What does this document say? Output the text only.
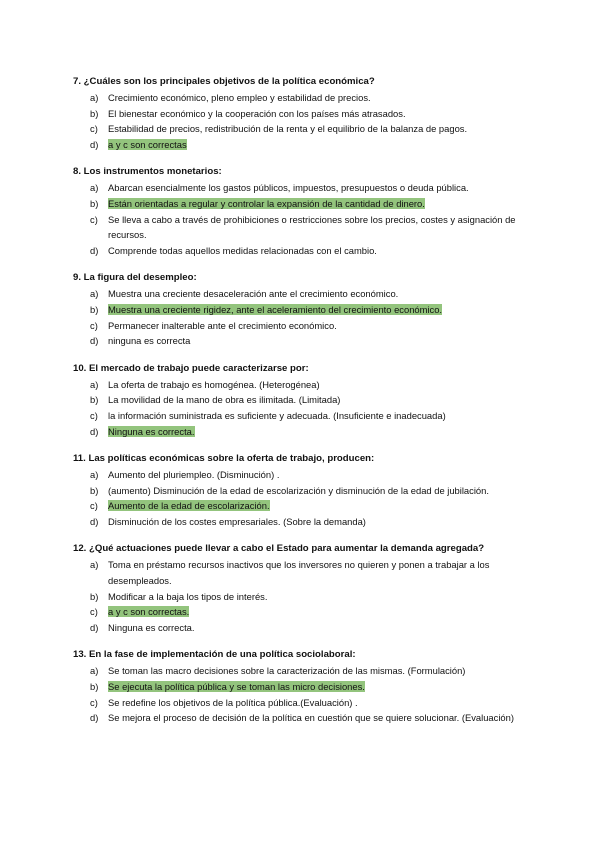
7. ¿Cuáles son los principales objetivos de la política económica?
a)	Crecimiento económico, pleno empleo y estabilidad de precios.
b)	El bienestar económico y la cooperación con los países más atrasados.
c)	Estabilidad de precios, redistribución de la renta y el equilibrio de la balanza de pagos.
d)	a y c son correctas
8. Los instrumentos monetarios:
a)	Abarcan esencialmente los gastos públicos, impuestos, presupuestos o deuda pública.
b)	Están orientadas a regular y controlar la expansión de la cantidad de dinero.
c)	Se lleva a cabo a través de prohibiciones o restricciones sobre los precios, costes y asignación de recursos.
d)	Comprende todas aquellos medidas relacionadas con el cambio.
9. La figura del desempleo:
a)	Muestra una creciente desaceleración ante el crecimiento económico.
b)	Muestra una creciente rigidez, ante el aceleramiento del crecimiento económico.
c)	Permanecer inalterable ante el crecimiento económico.
d)	ninguna es correcta
10. El mercado de trabajo puede caracterizarse por:
a)	La oferta de trabajo es homogénea. (Heterogénea)
b)	La movilidad de la mano de obra es ilimitada. (Limitada)
c)	la información suministrada es suficiente y adecuada. (Insuficiente e inadecuada)
d)	Ninguna es correcta.
11. Las políticas económicas sobre la oferta de trabajo, producen:
a)	Aumento del pluriempleo. (Disminución) .
b)	(aumento) Disminución de la edad de escolarización y disminución de la edad de jubilación.
c)	Aumento de la edad de escolarización.
d)	Disminución de los costes empresariales. (Sobre la demanda)
12. ¿Qué actuaciones puede llevar a cabo el Estado para aumentar la demanda agregada?
a)	Toma en préstamo recursos inactivos que los inversores no quieren y ponen a trabajar a los desempleados.
b)	Modificar a la baja los tipos de interés.
c)	a y c son correctas.
d)	Ninguna es correcta.
13. En la fase de implementación de una política sociolaboral:
a)	Se toman las macro decisiones sobre la caracterización de las mismas. (Formulación)
b)	Se ejecuta la política pública y se toman las micro decisiones.
c)	Se redefine los objetivos de la política pública.(Evaluación) .
d)	Se mejora el proceso de decisión de la política en cuestión que se quiere solucionar. (Evaluación)
